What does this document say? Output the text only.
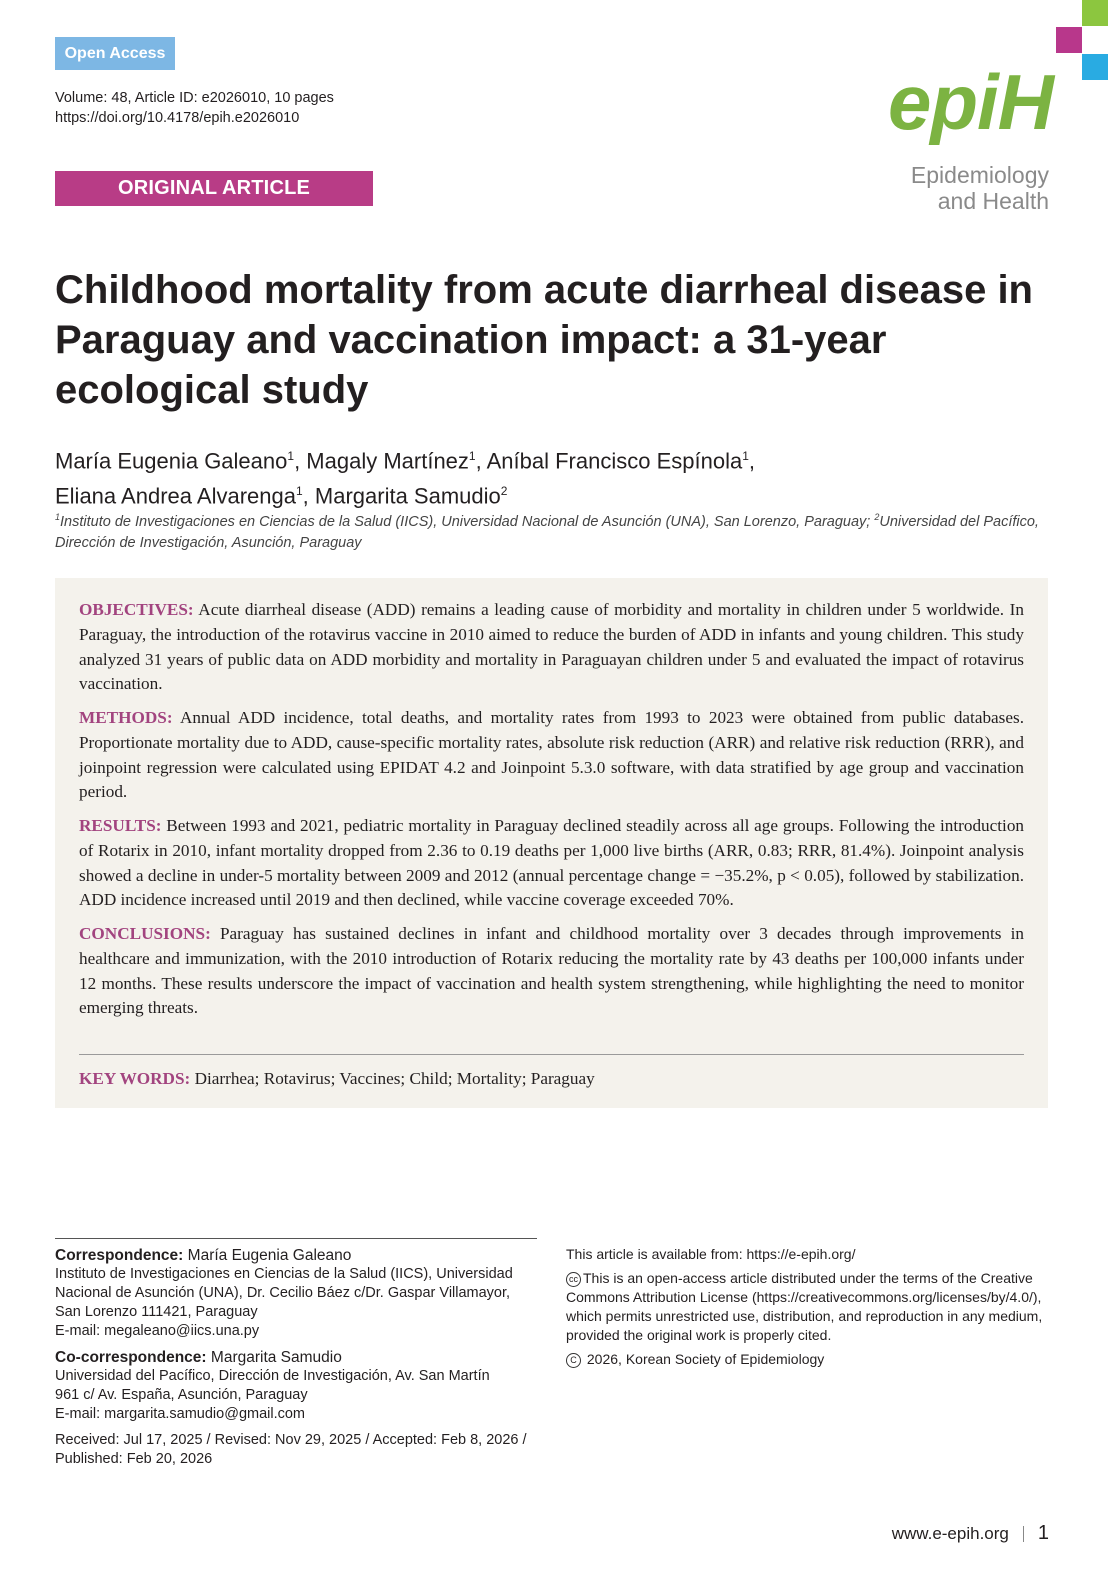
Open Access
Volume: 48, Article ID: e2026010, 10 pages
https://doi.org/10.4178/epih.e2026010
ORIGINAL ARTICLE
epiH
Epidemiology
and Health
Childhood mortality from acute diarrheal disease in Paraguay and vaccination impact: a 31-year ecological study
María Eugenia Galeano$^1$, Magaly Martínez$^1$, Aníbal Francisco Espínola$^1$,
Eliana Andrea Alvarenga$^1$, Margarita Samudio$^2$
$^1$Instituto de Investigaciones en Ciencias de la Salud (IICS), Universidad Nacional de Asunción (UNA), San Lorenzo, Paraguay; $^2$Universidad del Pacífico, Dirección de Investigación, Asunción, Paraguay

OBJECTIVES: Acute diarrheal disease (ADD) remains a leading cause of morbidity and mortality in children under 5 worldwide. In Paraguay, the introduction of the rotavirus vaccine in 2010 aimed to reduce the burden of ADD in infants and young children. This study analyzed 31 years of public data on ADD morbidity and mortality in Paraguayan children under 5 and evaluated the impact of rotavirus vaccination.

METHODS: Annual ADD incidence, total deaths, and mortality rates from 1993 to 2023 were obtained from public databases. Proportionate mortality due to ADD, cause-specific mortality rates, absolute risk reduction (ARR) and relative risk reduction (RRR), and joinpoint regression were calculated using EPIDAT 4.2 and Joinpoint 5.3.0 software, with data stratified by age group and vaccination period.

RESULTS: Between 1993 and 2021, pediatric mortality in Paraguay declined steadily across all age groups. Following the introduction of Rotarix in 2010, infant mortality dropped from 2.36 to 0.19 deaths per 1,000 live births (ARR, 0.83; RRR, 81.4%). Joinpoint analysis showed a decline in under-5 mortality between 2009 and 2012 (annual percentage change = −35.2%, p < 0.05), followed by stabilization. ADD incidence increased until 2019 and then declined, while vaccine coverage exceeded 70%.

CONCLUSIONS: Paraguay has sustained declines in infant and childhood mortality over 3 decades through improvements in healthcare and immunization, with the 2010 introduction of Rotarix reducing the mortality rate by 43 deaths per 100,000 infants under 12 months. These results underscore the impact of vaccination and health system strengthening, while highlighting the need to monitor emerging threats.

KEY WORDS: Diarrhea; Rotavirus; Vaccines; Child; Mortality; Paraguay

Correspondence: María Eugenia Galeano
Instituto de Investigaciones en Ciencias de la Salud (IICS), Universidad
Nacional de Asunción (UNA), Dr. Cecilio Báez c/Dr. Gaspar Villamayor,
San Lorenzo 111421, Paraguay
E-mail: megaleano@iics.una.py
Co-correspondence: Margarita Samudio
Universidad del Pacífico, Dirección de Investigación, Av. San Martín
961 c/ Av. España, Asunción, Paraguay
E-mail: margarita.samudio@gmail.com
Received: Jul 17, 2025 / Revised: Nov 29, 2025 / Accepted: Feb 8, 2026 /
Published: Feb 20, 2026
This article is available from: https://e-epih.org/
cc This is an open-access article distributed under the terms of the Creative
Commons Attribution License (https://creativecommons.org/licenses/by/4.0/),
which permits unrestricted use, distribution, and reproduction in any medium,
provided the original work is properly cited.
C 2026, Korean Society of Epidemiology
www.e-epih.org 1
